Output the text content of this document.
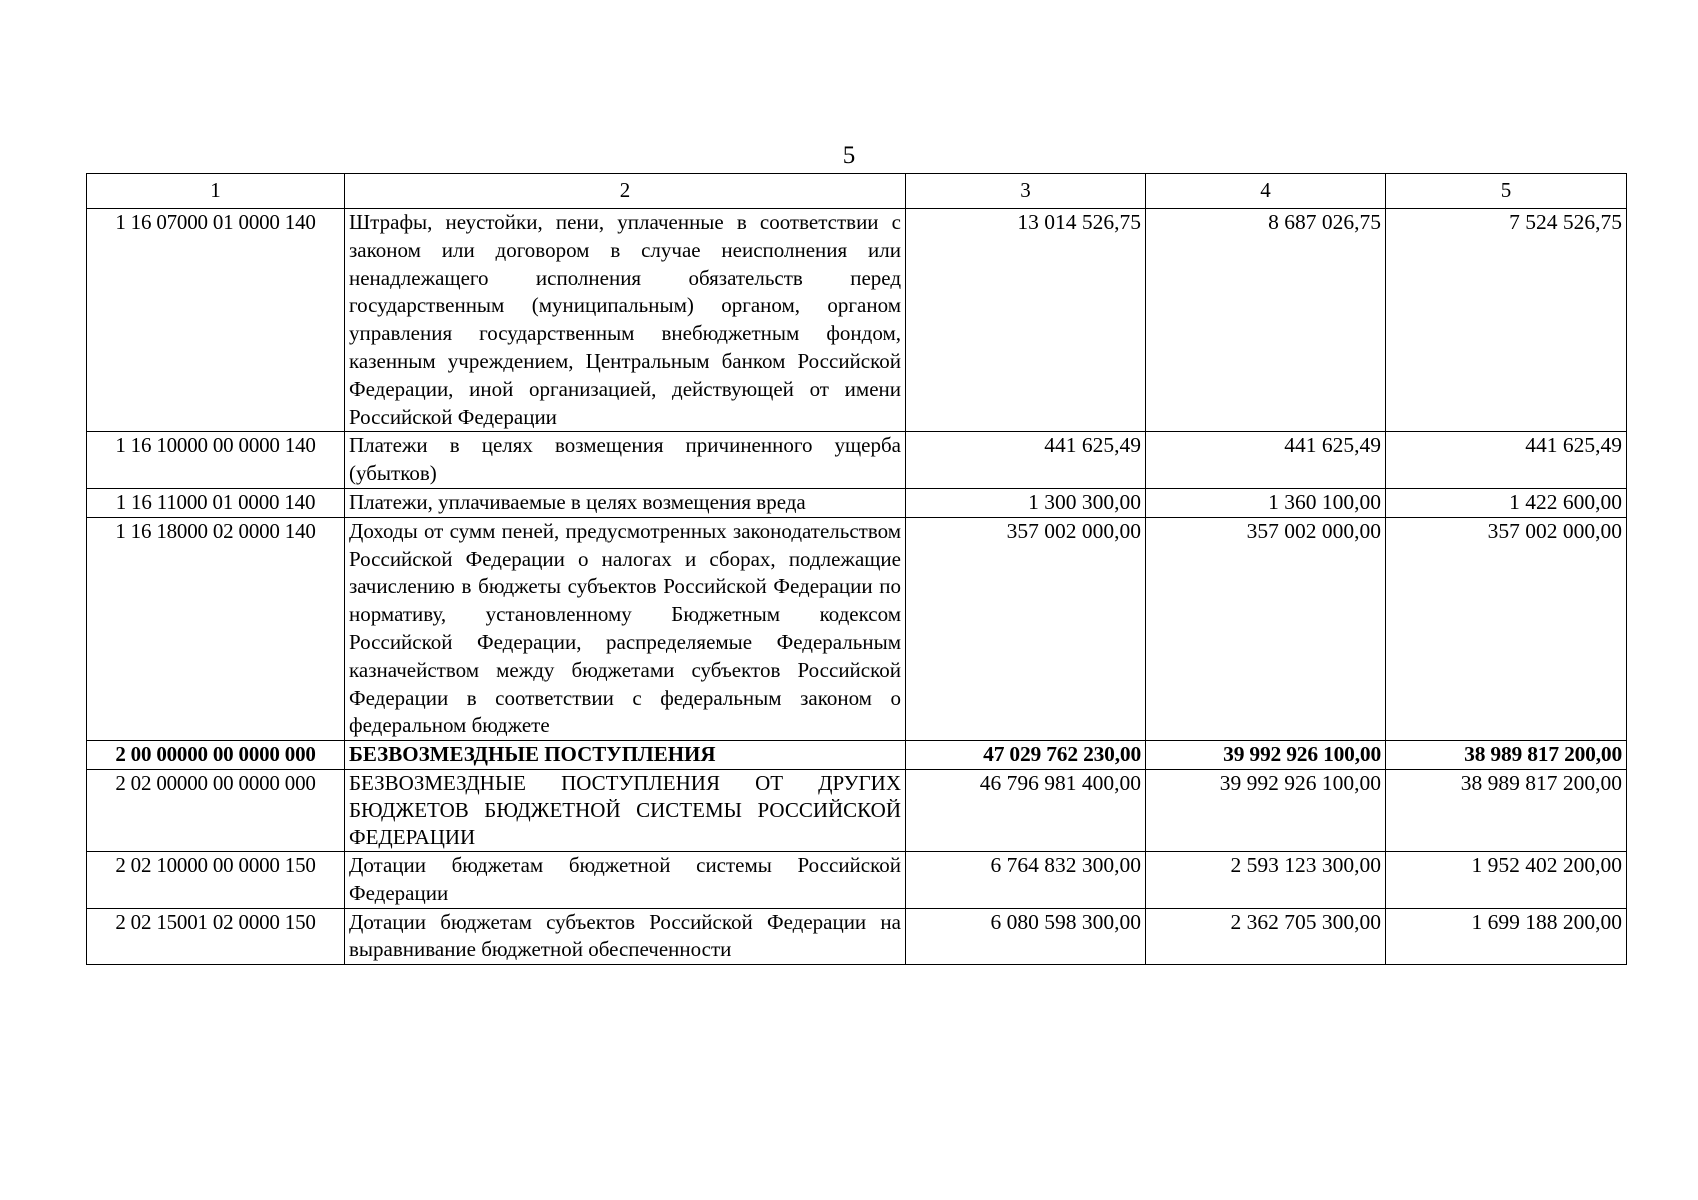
5
1	2	3	4	5
1 16 07000 01 0000 140	Штрафы, неустойки, пени, уплаченные в соответствии с законом или договором в случае неисполнения или ненадлежащего исполнения обязательств перед государственным (муниципальным) органом, органом управления государственным внебюджетным фондом, казенным учреждением, Центральным банком Российской Федерации, иной организацией, действующей от имени Российской Федерации	13 014 526,75	8 687 026,75	7 524 526,75
1 16 10000 00 0000 140	Платежи в целях возмещения причиненного ущерба (убытков)	441 625,49	441 625,49	441 625,49
1 16 11000 01 0000 140	Платежи, уплачиваемые в целях возмещения вреда	1 300 300,00	1 360 100,00	1 422 600,00
1 16 18000 02 0000 140	Доходы от сумм пеней, предусмотренных законодательством Российской Федерации о налогах и сборах, подлежащие зачислению в бюджеты субъектов Российской Федерации по нормативу, установленному Бюджетным кодексом Российской Федерации, распределяемые Федеральным казначейством между бюджетами субъектов Российской Федерации в соответствии с федеральным законом о федеральном бюджете	357 002 000,00	357 002 000,00	357 002 000,00
2 00 00000 00 0000 000	БЕЗВОЗМЕЗДНЫЕ ПОСТУПЛЕНИЯ	47 029 762 230,00	39 992 926 100,00	38 989 817 200,00
2 02 00000 00 0000 000	БЕЗВОЗМЕЗДНЫЕ ПОСТУПЛЕНИЯ ОТ ДРУГИХ БЮДЖЕТОВ БЮДЖЕТНОЙ СИСТЕМЫ РОССИЙСКОЙ ФЕДЕРАЦИИ	46 796 981 400,00	39 992 926 100,00	38 989 817 200,00
2 02 10000 00 0000 150	Дотации бюджетам бюджетной системы Российской Федерации	6 764 832 300,00	2 593 123 300,00	1 952 402 200,00
2 02 15001 02 0000 150	Дотации бюджетам субъектов Российской Федерации на выравнивание бюджетной обеспеченности	6 080 598 300,00	2 362 705 300,00	1 699 188 200,00
